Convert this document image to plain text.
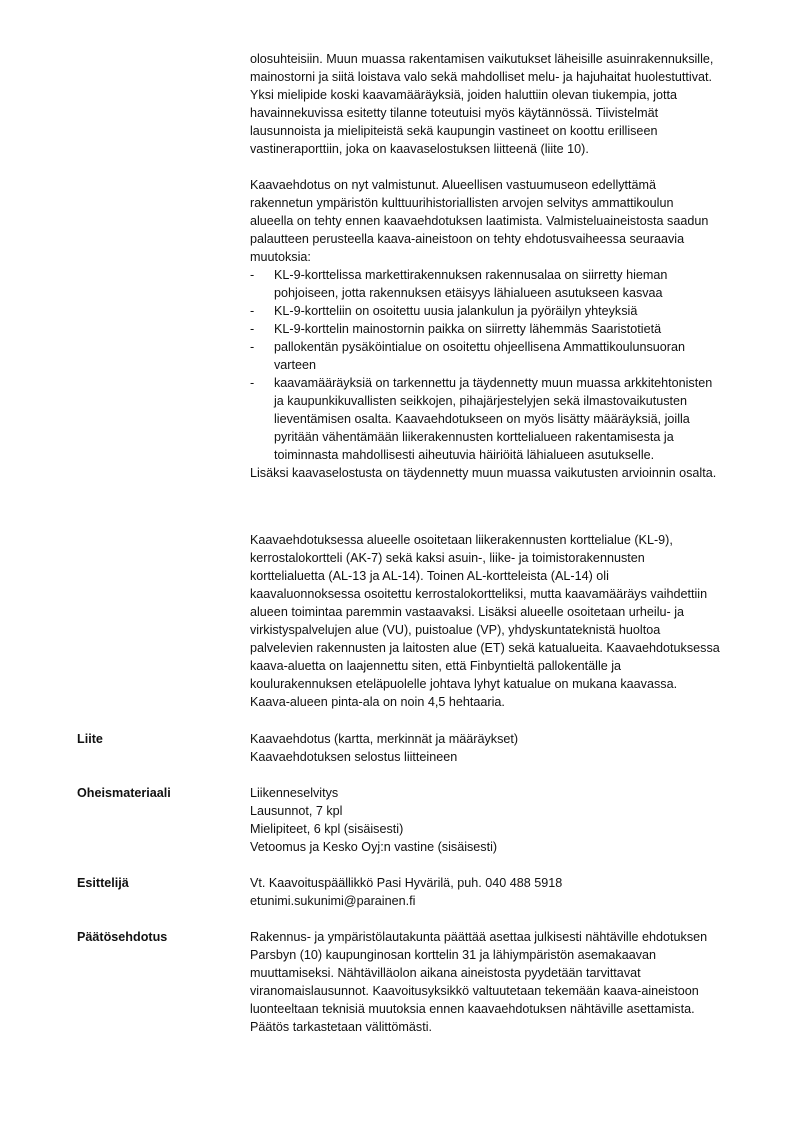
olosuhteisiin. Muun muassa rakentamisen vaikutukset läheisille asuinrakennuksille, mainostorni ja siitä loistava valo sekä mahdolliset melu- ja hajuhaitat huolestuttivat. Yksi mielipide koski kaavamääräyksiä, joiden haluttiin olevan tiukempia, jotta havainnekuvissa esitetty tilanne toteutuisi myös käytännössä. Tiivistelmät lausunnoista ja mielipiteistä sekä kaupungin vastineet on koottu erilliseen vastineraporttiin, joka on kaavaselostuksen liitteenä (liite 10).

Kaavaehdotus on nyt valmistunut. Alueellisen vastuumuseon edellyttämä rakennetun ympäristön kulttuurihistoriallisten arvojen selvitys ammattikoulun alueella on tehty ennen kaavaehdotuksen laatimista. Valmisteluaineistosta saadun palautteen perusteella kaava-aineistoon on tehty ehdotusvaiheessa seuraavia muutoksia:

- KL-9-korttelissa markettirakennuksen rakennusalaa on siirretty hieman pohjoiseen, jotta rakennuksen etäisyys lähialueen asutukseen kasvaa
- KL-9-kortteliin on osoitettu uusia jalankulun ja pyöräilyn yhteyksiä
- KL-9-korttelin mainostornin paikka on siirretty lähemmäs Saaristotietä
- pallokentän pysäköintialue on osoitettu ohjeellisena Ammattikoulunsuoran varteen
- kaavamääräyksiä on tarkennettu ja täydennetty muun muassa arkkitehtonisten ja kaupunkikuvallisten seikkojen, pihajärjestelyjen sekä ilmastovaikutusten lieventämisen osalta. Kaavaehdotukseen on myös lisätty määräyksiä, joilla pyritään vähentämään liikerakennusten korttelialueen rakentamisesta ja toiminnasta mahdollisesti aiheutuvia häiriöitä lähialueen asutukselle.

Lisäksi kaavaselostusta on täydennetty muun muassa vaikutusten arvioinnin osalta.

Kaavaehdotuksessa alueelle osoitetaan liikerakennusten korttelialue (KL-9), kerrostalokortteli (AK-7) sekä kaksi asuin-, liike- ja toimistorakennusten korttelialuetta (AL-13 ja AL-14). Toinen AL-kortteleista (AL-14) oli kaavaluonnoksessa osoitettu kerrostalokortteliksi, mutta kaavamääräys vaihdettiin alueen toimintaa paremmin vastaavaksi. Lisäksi alueelle osoitetaan urheilu- ja virkistyspalvelujen alue (VU), puistoalue (VP), yhdyskuntateknistä huoltoa palvelevien rakennusten ja laitosten alue (ET) sekä katualueita. Kaavaehdotuksessa kaava-aluetta on laajennettu siten, että Finbyntieltä pallokentälle ja koulurakennuksen eteläpuolelle johtava lyhyt katualue on mukana kaavassa. Kaava-alueen pinta-ala on noin 4,5 hehtaaria.

Liite	Kaavaehdotus (kartta, merkinnät ja määräykset)
Kaavaehdotuksen selostus liitteineen
Oheismateriaali	Liikenneselvitys
Lausunnot, 7 kpl
Mielipiteet, 6 kpl (sisäisesti)
Vetoomus ja Kesko Oyj:n vastine (sisäisesti)
Esittelijä	Vt. Kaavoituspäällikkö Pasi Hyvärilä, puh. 040 488 5918
etunimi.sukunimi@parainen.fi
Päätösehdotus	Rakennus- ja ympäristölautakunta päättää asettaa julkisesti nähtäville ehdotuksen Parsbyn (10) kaupunginosan korttelin 31 ja lähiympäristön asemakaavan muuttamiseksi. Nähtävilläolon aikana aineistosta pyydetään tarvittavat viranomaislausunnot. Kaavoitusyksikkö valtuutetaan tekemään kaava-aineistoon luonteeltaan teknisiä muutoksia ennen kaavaehdotuksen nähtäville asettamista. Päätös tarkastetaan välittömästi.
